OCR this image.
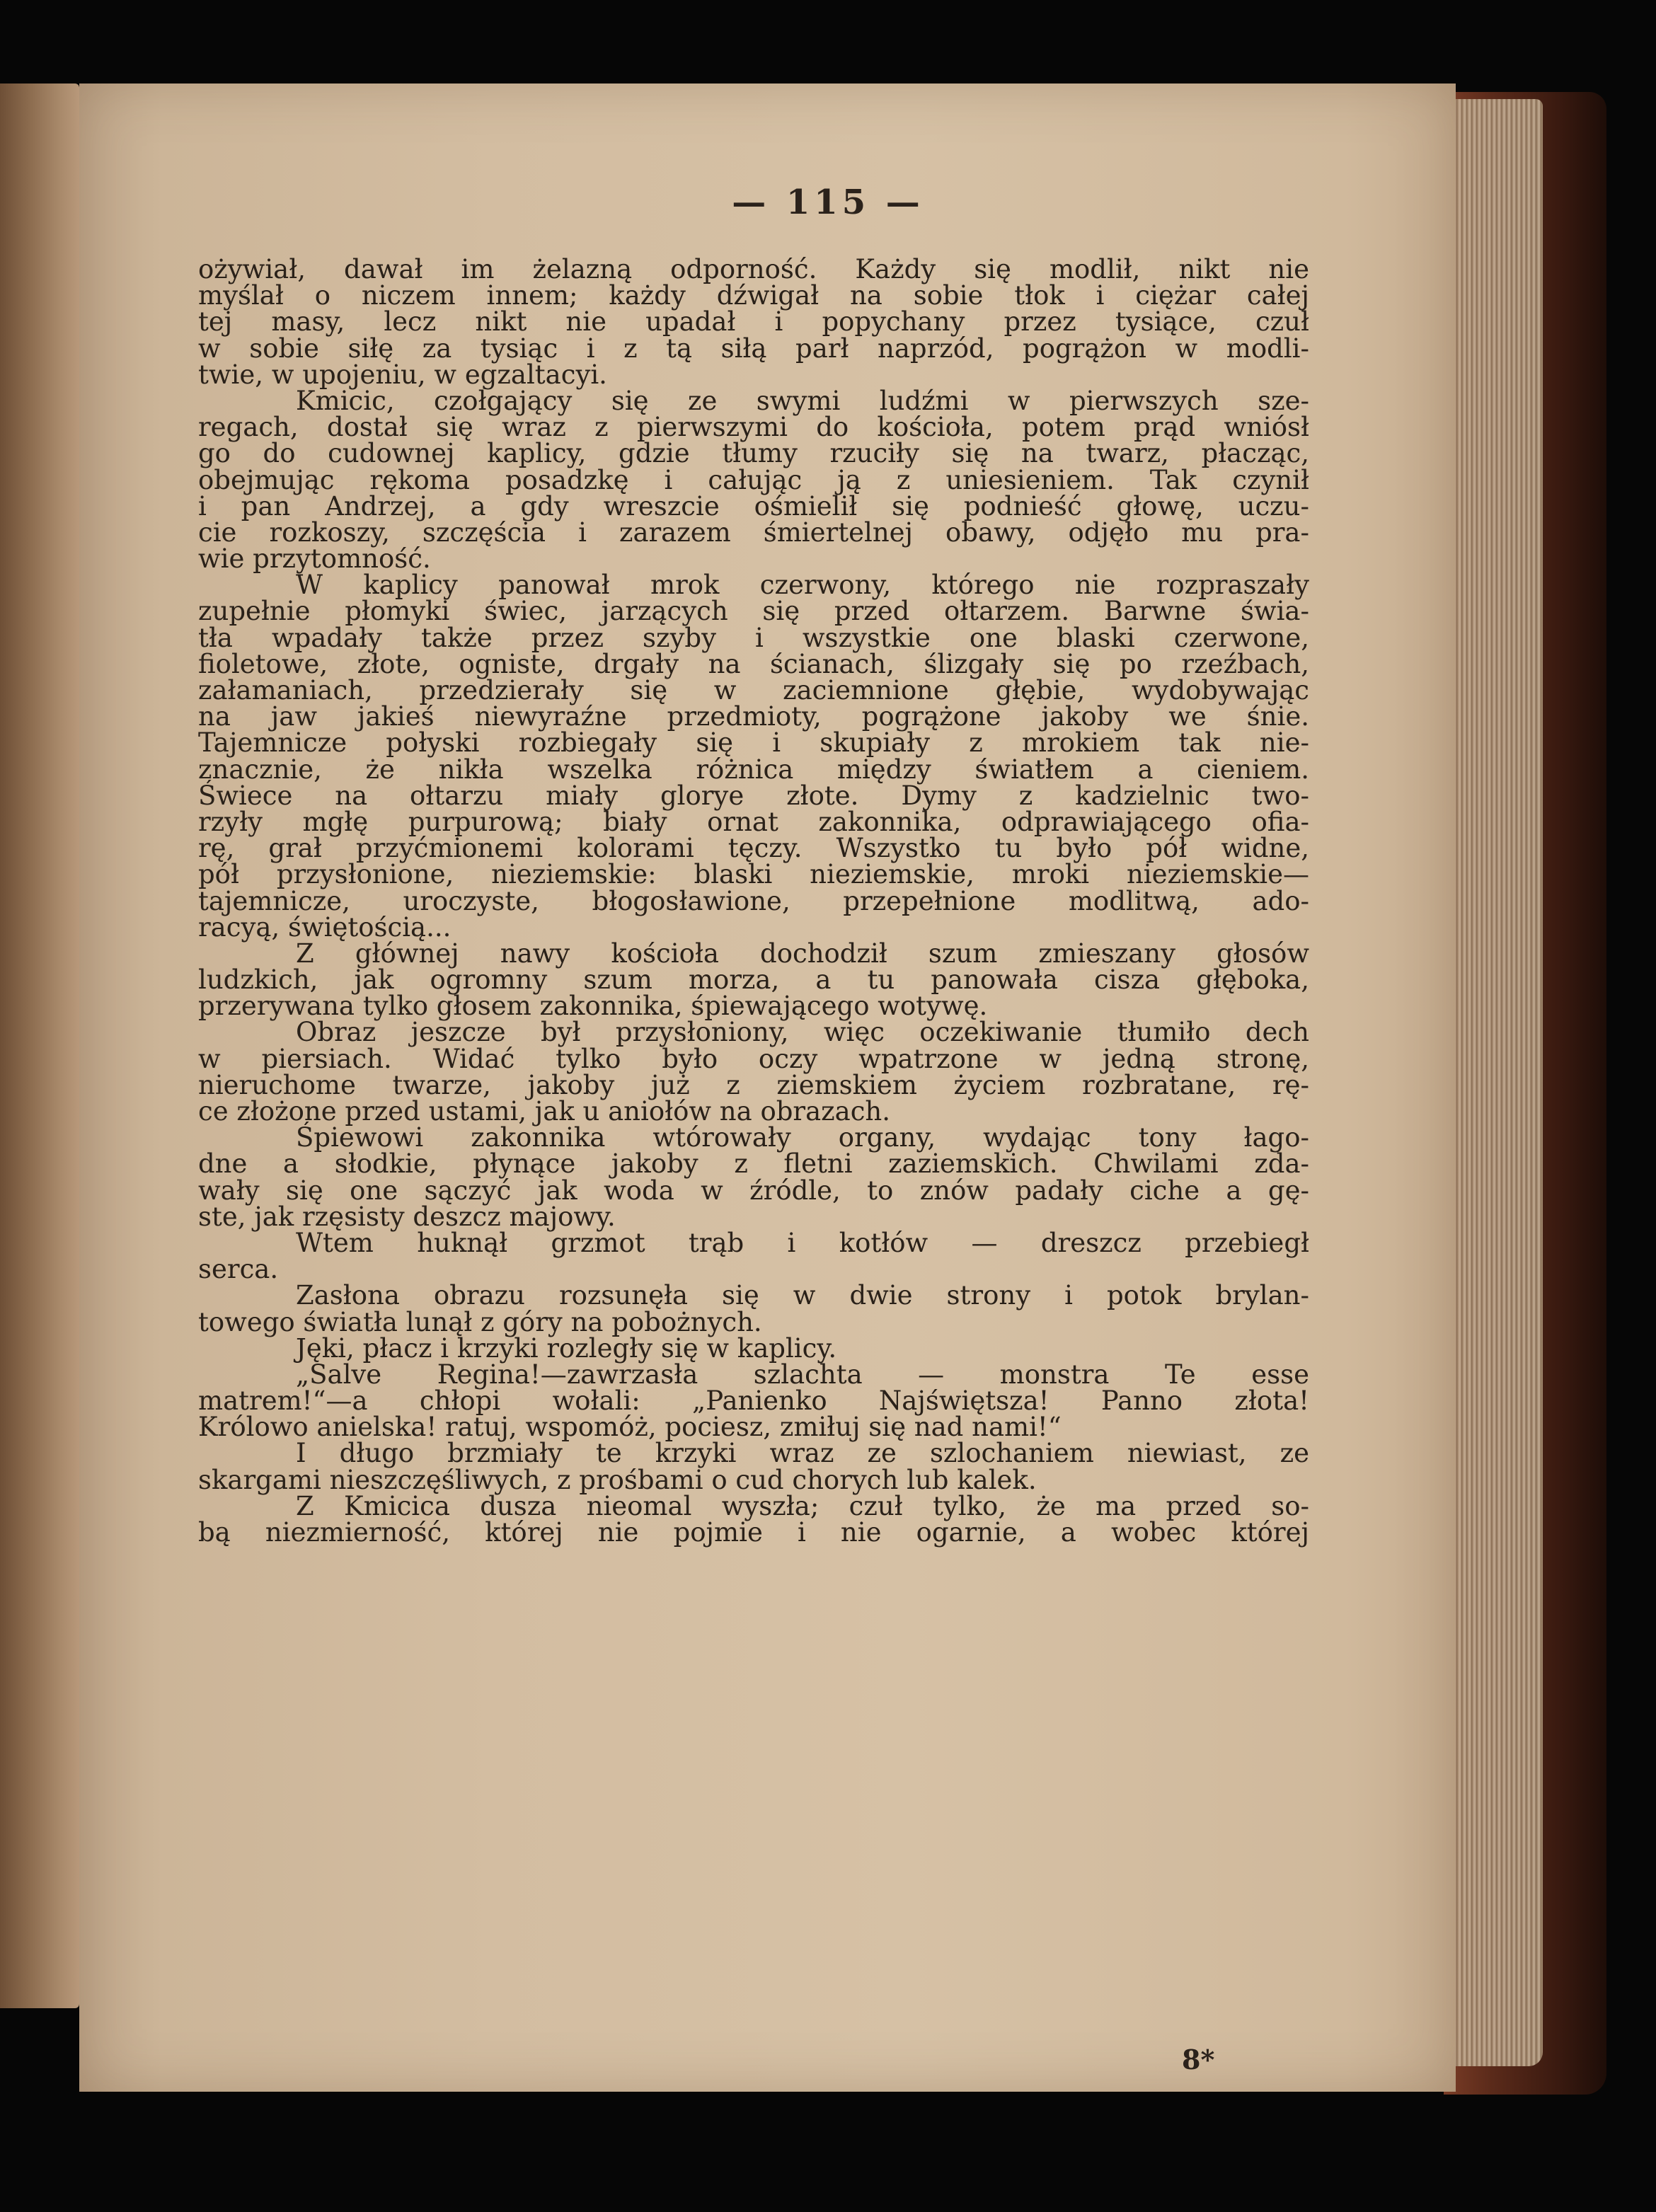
— 115 —
ożywiał, dawał im żelazną odporność. Każdy się modlił, nikt nie
myślał o niczem innem; każdy dźwigał na sobie tłok i ciężar całej
tej masy, lecz nikt nie upadał i popychany przez tysiące, czuł
w sobie siłę za tysiąc i z tą siłą parł naprzód, pogrążon w modli-
twie, w upojeniu, w egzaltacyi.
Kmicic, czołgający się ze swymi ludźmi w pierwszych sze-
regach, dostał się wraz z pierwszymi do kościoła, potem prąd wniósł
go do cudownej kaplicy, gdzie tłumy rzuciły się na twarz, płacząc,
obejmując rękoma posadzkę i całując ją z uniesieniem. Tak czynił
i pan Andrzej, a gdy wreszcie ośmielił się podnieść głowę, uczu-
cie rozkoszy, szczęścia i zarazem śmiertelnej obawy, odjęło mu pra-
wie przytomność.
W kaplicy panował mrok czerwony, którego nie rozpraszały
zupełnie płomyki świec, jarzących się przed ołtarzem. Barwne świa-
tła wpadały także przez szyby i wszystkie one blaski czerwone,
fioletowe, złote, ogniste, drgały na ścianach, ślizgały się po rzeźbach,
załamaniach, przedzierały się w zaciemnione głębie, wydobywając
na jaw jakieś niewyraźne przedmioty, pogrążone jakoby we śnie.
Tajemnicze połyski rozbiegały się i skupiały z mrokiem tak nie-
znacznie, że nikła wszelka różnica między światłem a cieniem.
Świece na ołtarzu miały glorye złote. Dymy z kadzielnic two-
rzyły mgłę purpurową; biały ornat zakonnika, odprawiającego ofia-
rę, grał przyćmionemi kolorami tęczy. Wszystko tu było pół widne,
pół przysłonione, nieziemskie: blaski nieziemskie, mroki nieziemskie—
tajemnicze, uroczyste, błogosławione, przepełnione modlitwą, ado-
racyą, świętością...
Z głównej nawy kościoła dochodził szum zmieszany głosów
ludzkich, jak ogromny szum morza, a tu panowała cisza głęboka,
przerywana tylko głosem zakonnika, śpiewającego wotywę.
Obraz jeszcze był przysłoniony, więc oczekiwanie tłumiło dech
w piersiach. Widać tylko było oczy wpatrzone w jedną stronę,
nieruchome twarze, jakoby już z ziemskiem życiem rozbratane, rę-
ce złożone przed ustami, jak u aniołów na obrazach.
Śpiewowi zakonnika wtórowały organy, wydając tony łago-
dne a słodkie, płynące jakoby z fletni zaziemskich. Chwilami zda-
wały się one sączyć jak woda w źródle, to znów padały ciche a gę-
ste, jak rzęsisty deszcz majowy.
Wtem huknął grzmot trąb i kotłów — dreszcz przebiegł
serca.
Zasłona obrazu rozsunęła się w dwie strony i potok brylan-
towego światła lunął z góry na pobożnych.
Jęki, płacz i krzyki rozległy się w kaplicy.
„Salve Regina!—zawrzasła szlachta — monstra Te esse
matrem!“—a chłopi wołali: „Panienko Najświętsza! Panno złota!
Królowo anielska! ratuj, wspomóż, pociesz, zmiłuj się nad nami!“
I długo brzmiały te krzyki wraz ze szlochaniem niewiast, ze
skargami nieszczęśliwych, z prośbami o cud chorych lub kalek.
Z Kmicica dusza nieomal wyszła; czuł tylko, że ma przed so-
bą niezmierność, której nie pojmie i nie ogarnie, a wobec której
8*
